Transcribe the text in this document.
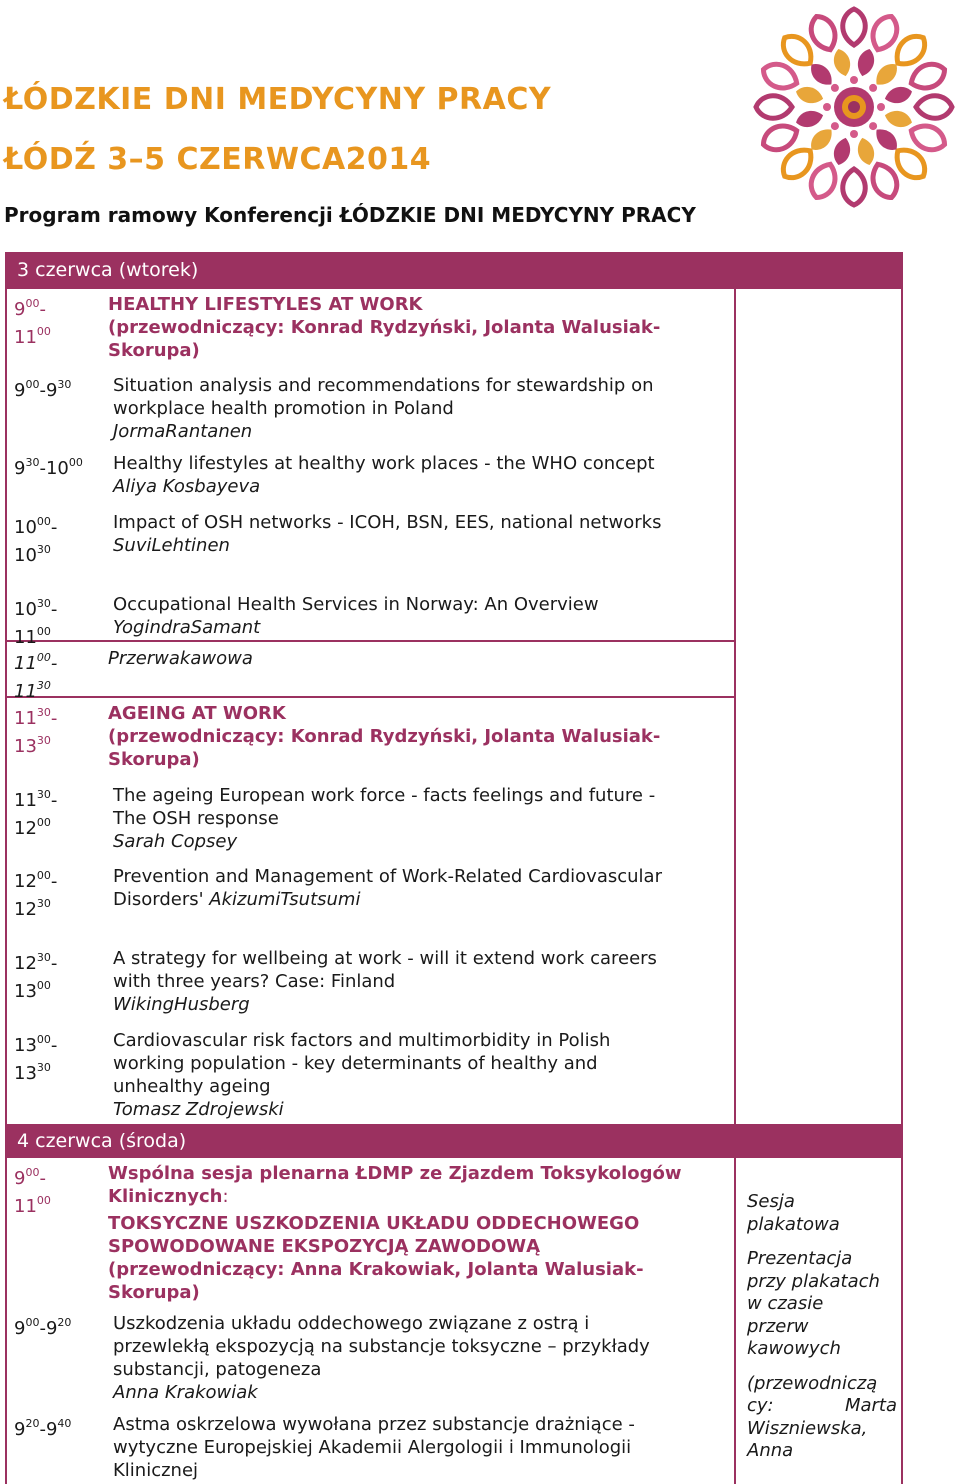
ŁÓDZKIE DNI MEDYCYNY PRACY
ŁÓDŹ 3–5 CZERWCA2014
Program ramowy Konferencji ŁÓDZKIE DNI MEDYCYNY PRACY
3 czerwca (wtorek)
4 czerwca (środa)
$9^{00}-$
$11^{00}$
HEALTHY LIFESTYLES AT WORK
(przewodniczący: Konrad Rydzyński, Jolanta Walusiak-
Skorupa)
$9^{00}-9^{30}$ Situation analysis and recommendations for stewardship on
workplace health promotion in Poland
JormaRantanen
$9^{30}-10^{00}$ Healthy lifestyles at healthy work places - the WHO concept
Aliya Kosbayeva
$10^{00}-$
$10^{30}$
Impact of OSH networks - ICOH, BSN, EES, national networks
SuviLehtinen
$10^{30}-$
$11^{00}$
Occupational Health Services in Norway: An Overview
YogindraSamant
$11^{00}-$
$11^{30}$
Przerwakawowa
$11^{30}-$
$13^{30}$
AGEING AT WORK
(przewodniczący: Konrad Rydzyński, Jolanta Walusiak-
Skorupa)
$11^{30}-$
$12^{00}$
The ageing European work force - facts feelings and future -
The OSH response
Sarah Copsey
$12^{00}-$
$12^{30}$
Prevention and Management of Work-Related Cardiovascular
Disorders' AkizumiTsutsumi
$12^{30}-$
$13^{00}$
A strategy for wellbeing at work - will it extend work careers
with three years? Case: Finland
WikingHusberg
$13^{00}-$
$13^{30}$
Cardiovascular risk factors and multimorbidity in Polish
working population - key determinants of healthy and
unhealthy ageing
Tomasz Zdrojewski
$9^{00}-$
$11^{00}$
Wspólna sesja plenarna ŁDMP ze Zjazdem Toksykologów
Klinicznych:
TOKSYCZNE USZKODZENIA UKŁADU ODDECHOWEGO
SPOWODOWANE EKSPOZYCJĄ ZAWODOWĄ
(przewodniczący: Anna Krakowiak, Jolanta Walusiak-
Skorupa)
$9^{00}-9^{20}$ Uszkodzenia układu oddechowego związane z ostrą i
przewlekłą ekspozycją na substancje toksyczne – przykłady
substancji, patogeneza
Anna Krakowiak
$9^{20}-9^{40}$ Astma oskrzelowa wywołana przez substancje drażniące -
wytyczne Europejskiej Akademii Alergologii i Immunologii
Klinicznej
Sesja
plakatowa
Prezentacja
przy plakatach
w czasie
przerw
kawowych
(przewodniczą
cy:	Marta
Wiszniewska,
Anna
